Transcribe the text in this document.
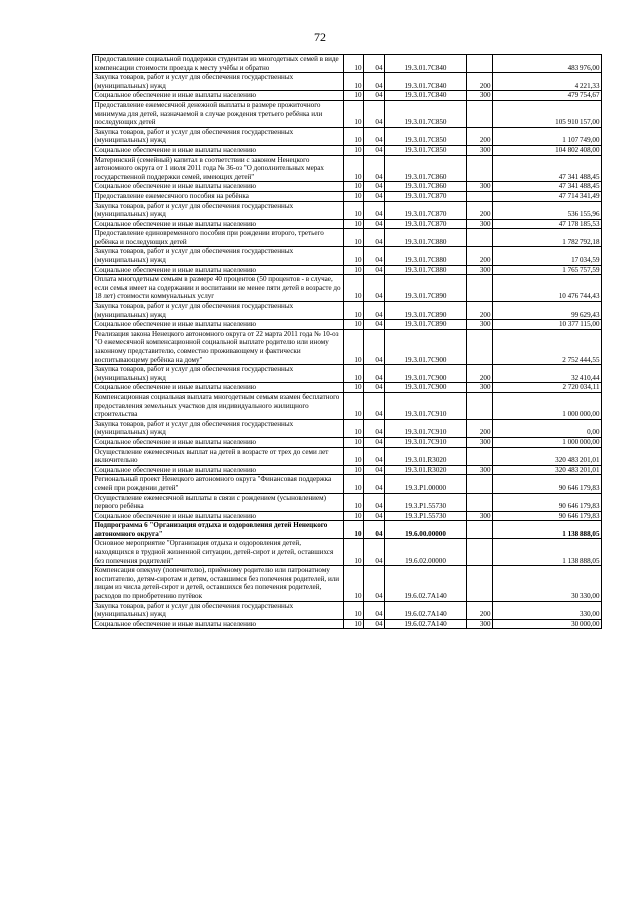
72
Предоставление социальной поддержки студентам из многодетных семей в виде компенсации стоимости проезда к месту учёбы и обратно	10	04	19.3.01.7С840		483 976,00
Закупка товаров, работ и услуг для обеспечения государственных (муниципальных) нужд	10	04	19.3.01.7С840	200	4 221,33
Социальное обеспечение и иные выплаты населению	10	04	19.3.01.7С840	300	479 754,67
Предоставление ежемесячной денежной выплаты в размере прожиточного минимума для детей, назначаемой в случае рождения третьего ребёнка или последующих детей	10	04	19.3.01.7С850		105 910 157,00
Закупка товаров, работ и услуг для обеспечения государственных (муниципальных) нужд	10	04	19.3.01.7С850	200	1 107 749,00
Социальное обеспечение и иные выплаты населению	10	04	19.3.01.7С850	300	104 802 408,00
Материнский (семейный) капитал в соответствии с законом Ненецкого автономного округа от 1 июля 2011 года № 36-оз "О дополнительных мерах государственной поддержки семей, имеющих детей"	10	04	19.3.01.7С860		47 341 488,45
Социальное обеспечение и иные выплаты населению	10	04	19.3.01.7С860	300	47 341 488,45
Предоставление ежемесячного пособия на ребёнка	10	04	19.3.01.7С870		47 714 341,49
Закупка товаров, работ и услуг для обеспечения государственных (муниципальных) нужд	10	04	19.3.01.7С870	200	536 155,96
Социальное обеспечение и иные выплаты населению	10	04	19.3.01.7С870	300	47 178 185,53
Предоставление единовременного пособия при рождении второго, третьего ребёнка и последующих детей	10	04	19.3.01.7С880		1 782 792,18
Закупка товаров, работ и услуг для обеспечения государственных (муниципальных) нужд	10	04	19.3.01.7С880	200	17 034,59
Социальное обеспечение и иные выплаты населению	10	04	19.3.01.7С880	300	1 765 757,59
Оплата многодетным семьям в размере 40 процентов (50 процентов - в случае, если семья имеет на содержании и воспитании не менее пяти детей в возрасте до 18 лет) стоимости коммунальных услуг	10	04	19.3.01.7С890		10 476 744,43
Закупка товаров, работ и услуг для обеспечения государственных (муниципальных) нужд	10	04	19.3.01.7С890	200	99 629,43
Социальное обеспечение и иные выплаты населению	10	04	19.3.01.7С890	300	10 377 115,00
Реализация закона Ненецкого автономного округа от 22 марта 2011 года № 10-оз "О ежемесячной компенсационной социальной выплате родителю или иному законному представителю, совместно проживающему и фактически воспитывающему ребёнка на дому"	10	04	19.3.01.7С900		2 752 444,55
Закупка товаров, работ и услуг для обеспечения государственных (муниципальных) нужд	10	04	19.3.01.7С900	200	32 410,44
Социальное обеспечение и иные выплаты населению	10	04	19.3.01.7С900	300	2 720 034,11
Компенсационная социальная выплата многодетным семьям взамен бесплатного предоставления земельных участков для индивидуального жилищного строительства	10	04	19.3.01.7С910		1 000 000,00
Закупка товаров, работ и услуг для обеспечения государственных (муниципальных) нужд	10	04	19.3.01.7С910	200	0,00
Социальное обеспечение и иные выплаты населению	10	04	19.3.01.7С910	300	1 000 000,00
Осуществление ежемесячных выплат на детей в возрасте от трех до семи лет включительно	10	04	19.3.01.R3020		320 483 201,01
Социальное обеспечение и иные выплаты населению	10	04	19.3.01.R3020	300	320 483 201,01
Региональный проект Ненецкого автономного округа "Финансовая поддержка семей при рождении детей"	10	04	19.3.P1.00000		90 646 179,83
Осуществление ежемесячной выплаты в связи с рождением (усыновлением) первого ребёнка	10	04	19.3.P1.55730		90 646 179,83
Социальное обеспечение и иные выплаты населению	10	04	19.3.P1.55730	300	90 646 179,83
Подпрограмма 6 "Организация отдыха и оздоровления детей Ненецкого автономного округа"	10	04	19.6.00.00000		1 138 888,05
Основное мероприятие "Организация отдыха и оздоровления детей, находящихся в трудной жизненной ситуации, детей-сирот и детей, оставшихся без попечения родителей"	10	04	19.6.02.00000		1 138 888,05
Компенсация опекуну (попечителю), приёмному родителю или патронатному воспитателю, детям-сиротам и детям, оставшимся без попечения родителей, или лицам из числа детей-сирот и детей, оставшихся без попечения родителей, расходов по приобретению путёвок	10	04	19.6.02.7А140		30 330,00
Закупка товаров, работ и услуг для обеспечения государственных (муниципальных) нужд	10	04	19.6.02.7А140	200	330,00
Социальное обеспечение и иные выплаты населению	10	04	19.6.02.7А140	300	30 000,00
